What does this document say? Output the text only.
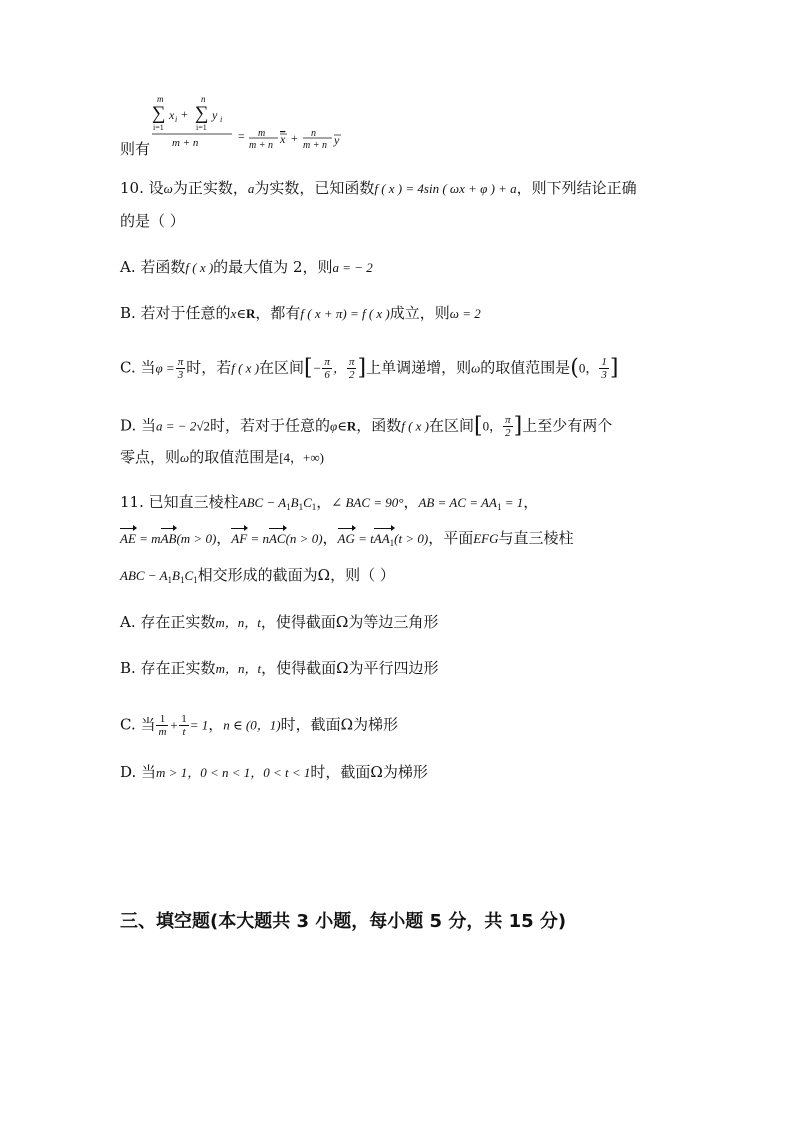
m
∑
i=1
x i +
n
∑
i=1
y i
m + n	= m
m + n x + n
m + n y
则有
10. 设ω为正实数，a为实数，已知函数f ( x ) = 4sin ( ωx + φ ) + a，则下列结论正确
的是（ ）
A. 若函数f ( x )的最大值为 2，则a = − 2
B. 若对于任意的x∈R，都有f ( x + π) = f ( x )成立，则ω = 2
C. 当$\varphi = \frac{\pi}{3}$ 时，若f ( x )在区间[− $\frac{\pi}{6}$ ， $\frac{\pi}{2}$ ]上单调递增，则ω的取值范围是(0， $\frac{1}{3}$ ]
D. 当a = − 2√2时，若对于任意的φ∈R，函数f ( x )在区间[0， $\frac{\pi}{2}$ ]上至少有两个
零点，则ω的取值范围是[4，+∞)
11. 已知直三棱柱ABC − $A_1B_1C_1$，∠ BAC = 90°，AB = AC = $AA_1 = 1$，
AE = mAB(m > 0)，AF = nAC(n > 0)，AG = tAA$_1$(t > 0)，平面EFG与直三棱柱
ABC − $A_1B_1C_1$相交形成的截面为Ω，则（ ）
A. 存在正实数m，n，t，使得截面Ω为等边三角形
B. 存在正实数m，n，t，使得截面Ω为平行四边形
C. 当 $\frac{1}{m} + \frac{1}{t} = 1$，n ∈ (0，1)时，截面Ω为梯形
D. 当m > 1，0 < n < 1，0 < t < 1时，截面Ω为梯形
三、填空题(本大题共 3 小题，每小题 5 分，共 15 分)
